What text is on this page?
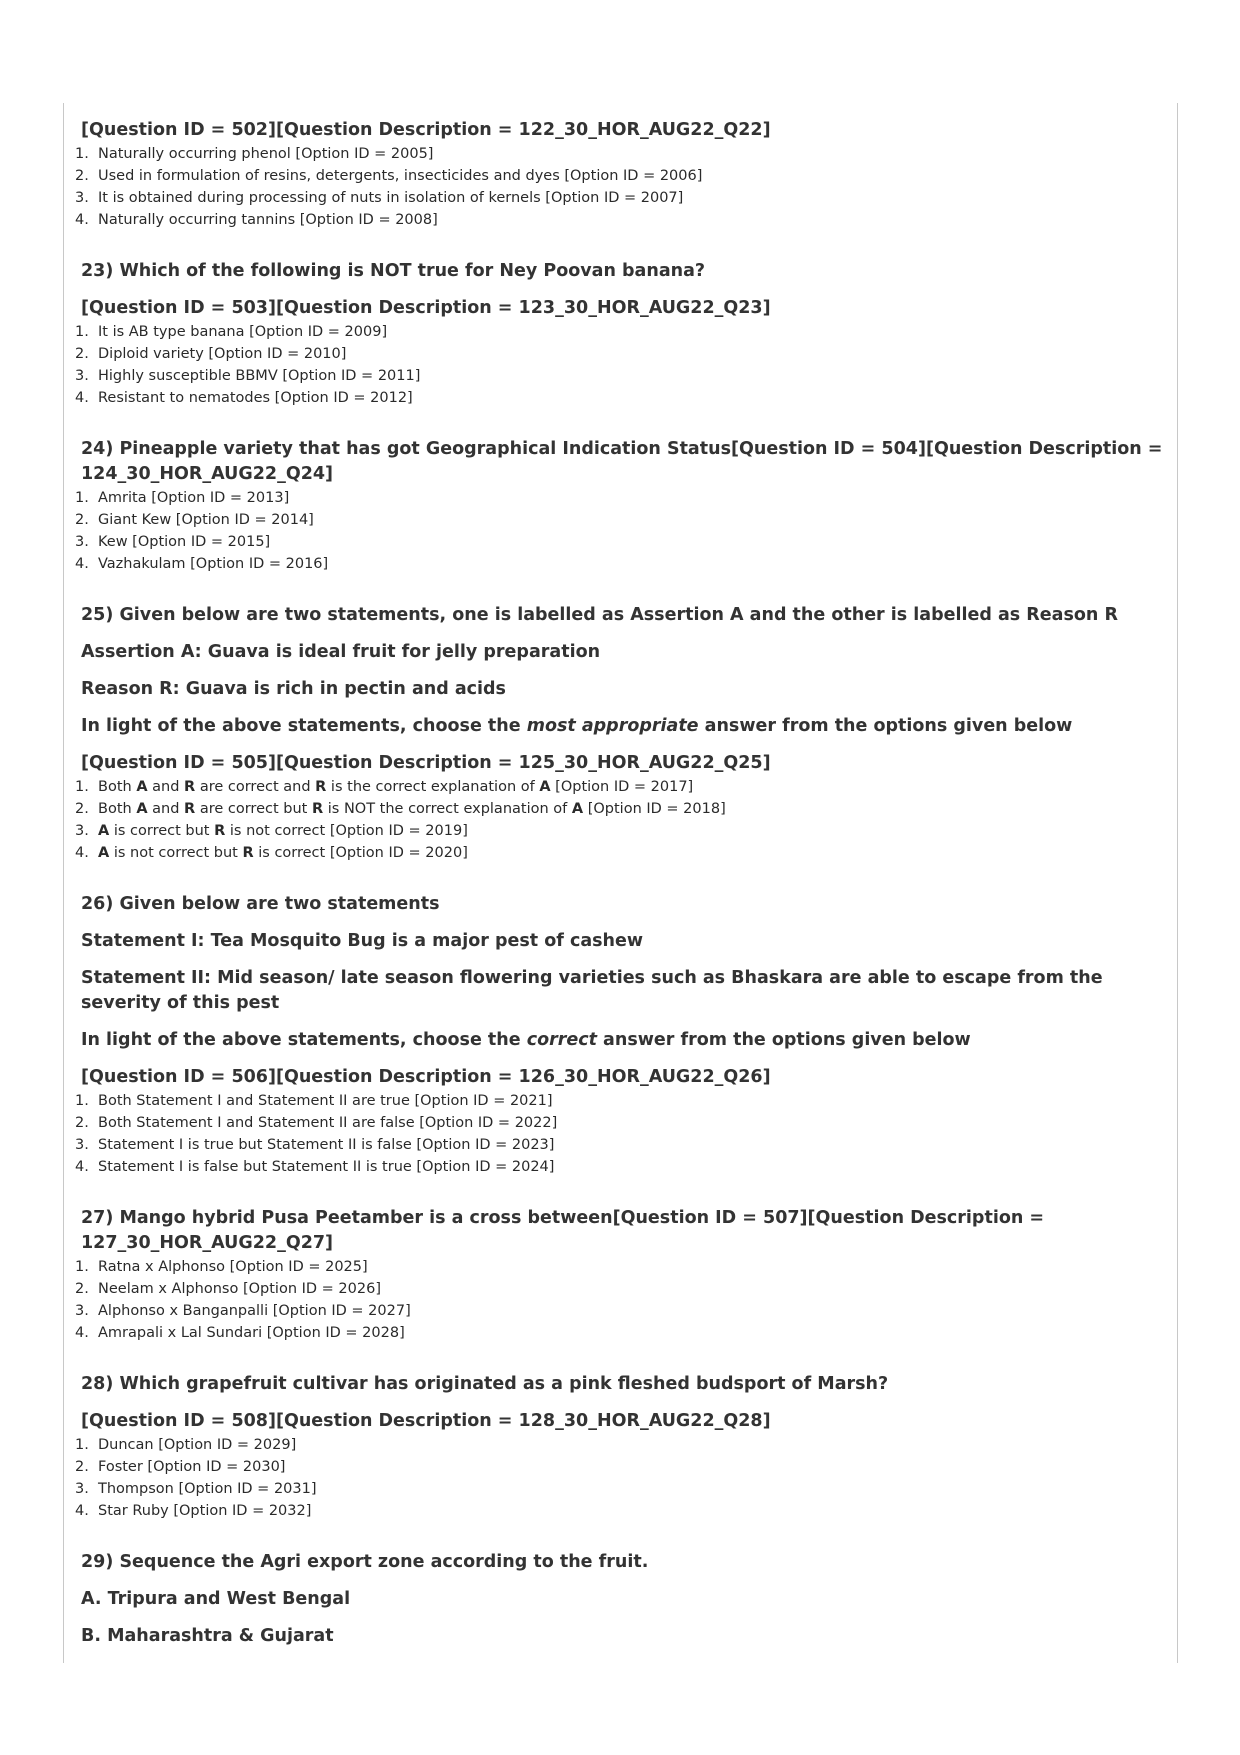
[Question ID = 502][Question Description = 122_30_HOR_AUG22_Q22]
1. Naturally occurring phenol [Option ID = 2005]
2. Used in formulation of resins, detergents, insecticides and dyes [Option ID = 2006]
3. It is obtained during processing of nuts in isolation of kernels [Option ID = 2007]
4. Naturally occurring tannins [Option ID = 2008]
23) Which of the following is NOT true for Ney Poovan banana?
[Question ID = 503][Question Description = 123_30_HOR_AUG22_Q23]
1. It is AB type banana [Option ID = 2009]
2. Diploid variety [Option ID = 2010]
3. Highly susceptible BBMV [Option ID = 2011]
4. Resistant to nematodes [Option ID = 2012]
24) Pineapple variety that has got Geographical Indication Status[Question ID = 504][Question Description =
124_30_HOR_AUG22_Q24]
1. Amrita [Option ID = 2013]
2. Giant Kew [Option ID = 2014]
3. Kew [Option ID = 2015]
4. Vazhakulam [Option ID = 2016]
25) Given below are two statements, one is labelled as Assertion A and the other is labelled as Reason R
Assertion A: Guava is ideal fruit for jelly preparation
Reason R: Guava is rich in pectin and acids
In light of the above statements, choose the most appropriate answer from the options given below
[Question ID = 505][Question Description = 125_30_HOR_AUG22_Q25]
1. Both A and R are correct and R is the correct explanation of A [Option ID = 2017]
2. Both A and R are correct but R is NOT the correct explanation of A [Option ID = 2018]
3. A is correct but R is not correct [Option ID = 2019]
4. A is not correct but R is correct [Option ID = 2020]
26) Given below are two statements
Statement I: Tea Mosquito Bug is a major pest of cashew
Statement II: Mid season/ late season flowering varieties such as Bhaskara are able to escape from the severity of this pest
In light of the above statements, choose the correct answer from the options given below
[Question ID = 506][Question Description = 126_30_HOR_AUG22_Q26]
1. Both Statement I and Statement II are true [Option ID = 2021]
2. Both Statement I and Statement II are false [Option ID = 2022]
3. Statement I is true but Statement II is false [Option ID = 2023]
4. Statement I is false but Statement II is true [Option ID = 2024]
27) Mango hybrid Pusa Peetamber is a cross between[Question ID = 507][Question Description =
127_30_HOR_AUG22_Q27]
1. Ratna x Alphonso [Option ID = 2025]
2. Neelam x Alphonso [Option ID = 2026]
3. Alphonso x Banganpalli [Option ID = 2027]
4. Amrapali x Lal Sundari [Option ID = 2028]
28) Which grapefruit cultivar has originated as a pink fleshed budsport of Marsh?
[Question ID = 508][Question Description = 128_30_HOR_AUG22_Q28]
1. Duncan [Option ID = 2029]
2. Foster [Option ID = 2030]
3. Thompson [Option ID = 2031]
4. Star Ruby [Option ID = 2032]
29) Sequence the Agri export zone according to the fruit.
A. Tripura and West Bengal
B. Maharashtra & Gujarat
